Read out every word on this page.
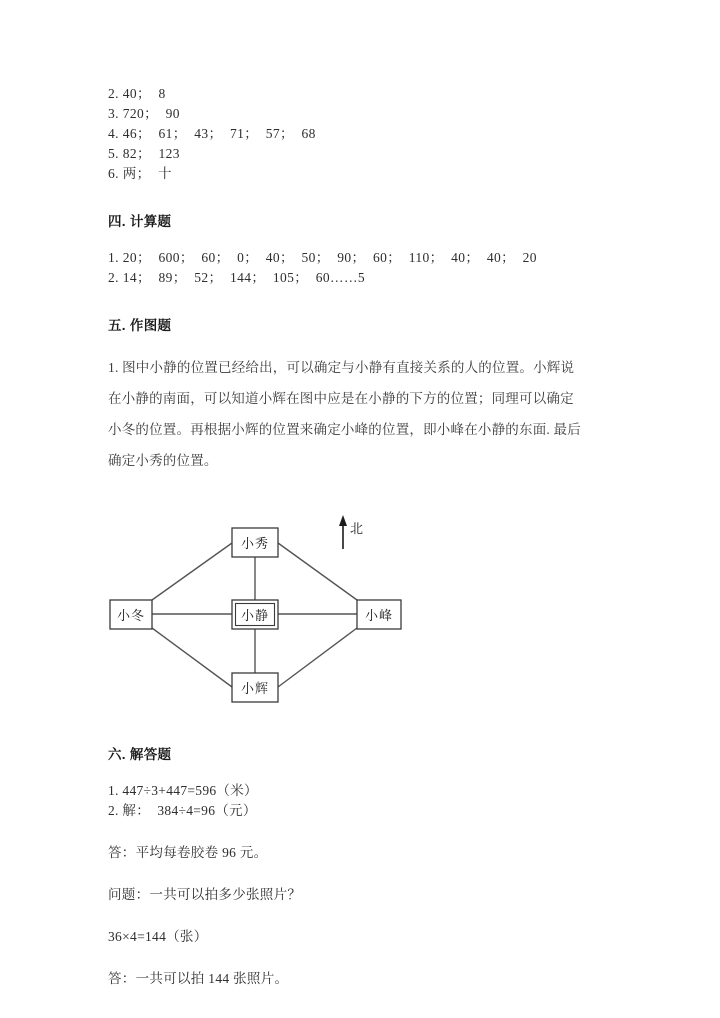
2. 40；  8
3. 720；  90
4. 46；  61；  43；  71；  57；  68
5. 82；  123
6. 两；  十
四. 计算题
1. 20；  600；  60；  0；  40；  50；  90；  60；  110；  40；  40；  20
2. 14；  89；  52；  144；  105；  60……5
五. 作图题
1. 图中小静的位置已经给出，可以确定与小静有直接关系的人的位置。小辉说
在小静的南面，可以知道小辉在图中应是在小静的下方的位置；同理可以确定
小冬的位置。再根据小辉的位置来确定小峰的位置，即小峰在小静的东面. 最后
确定小秀的位置。
小秀
小冬	小静	小峰
小辉
北
六. 解答题
1. 447÷3+447=596（米）
2. 解：  384÷4=96（元）
答：平均每卷胶卷 96 元。
问题：一共可以拍多少张照片？
36×4=144（张）
答：一共可以拍 144 张照片。
